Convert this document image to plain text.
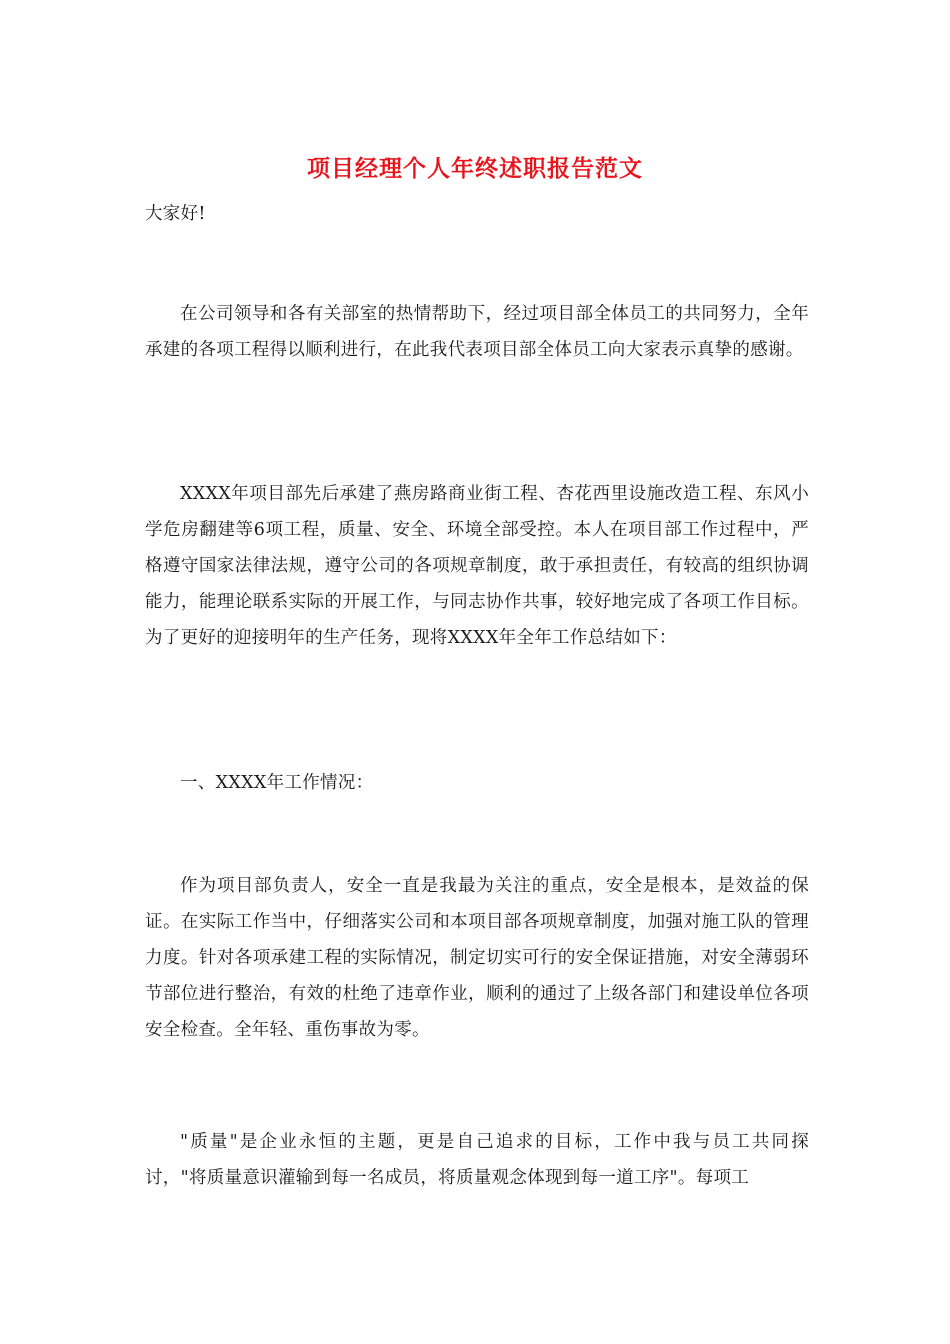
项目经理个人年终述职报告范文

大家好!

在公司领导和各有关部室的热情帮助下，经过项目部全体员工的共同努力，全年承建的各项工程得以顺利进行，在此我代表项目部全体员工向大家表示真挚的感谢。

XXXX年项目部先后承建了燕房路商业街工程、杏花西里设施改造工程、东风小学危房翻建等6项工程，质量、安全、环境全部受控。本人在项目部工作过程中，严格遵守国家法律法规，遵守公司的各项规章制度，敢于承担责任，有较高的组织协调能力，能理论联系实际的开展工作，与同志协作共事，较好地完成了各项工作目标。为了更好的迎接明年的生产任务，现将XXXX年全年工作总结如下：

一、XXXX年工作情况：

作为项目部负责人，安全一直是我最为关注的重点，安全是根本，是效益的保证。在实际工作当中，仔细落实公司和本项目部各项规章制度，加强对施工队的管理力度。针对各项承建工程的实际情况，制定切实可行的安全保证措施，对安全薄弱环节部位进行整治，有效的杜绝了违章作业，顺利的通过了上级各部门和建设单位各项安全检查。全年轻、重伤事故为零。

"质量"是企业永恒的主题，更是自己追求的目标，工作中我与员工共同探讨，"将质量意识灌输到每一名成员，将质量观念体现到每一道工序"。每项工
